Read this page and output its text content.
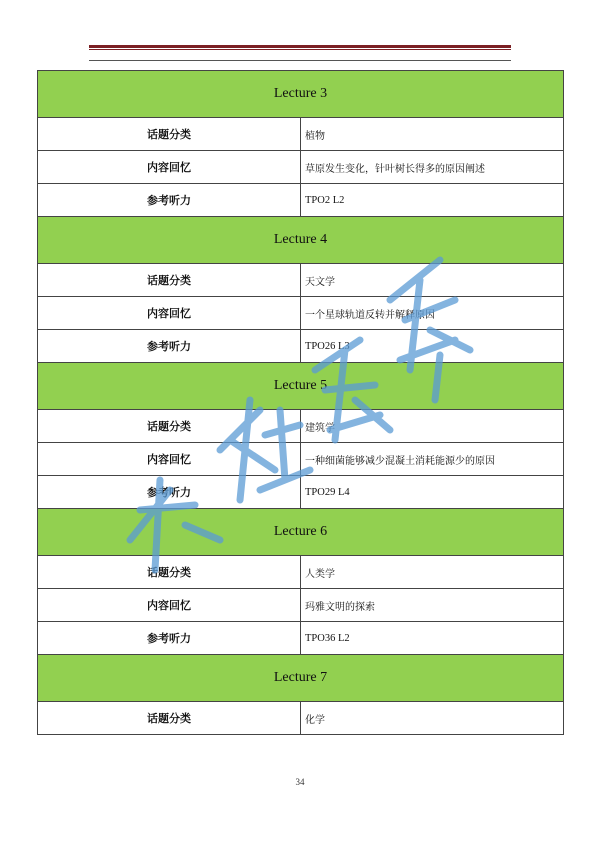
Lecture 3	
话题分类	植物
内容回忆	草原发生变化，针叶树长得多的原因阐述
参考听力	TPO2 L2
Lecture 4	
话题分类	天文学
内容回忆	一个星球轨道反转并解释原因
参考听力	TPO26 L3
Lecture 5	
话题分类	建筑学
内容回忆	一种细菌能够减少混凝土消耗能源少的原因
参考听力	TPO29 L4
Lecture 6	
话题分类	人类学
内容回忆	玛雅文明的探索
参考听力	TPO36 L2
Lecture 7	
话题分类	化学
34
